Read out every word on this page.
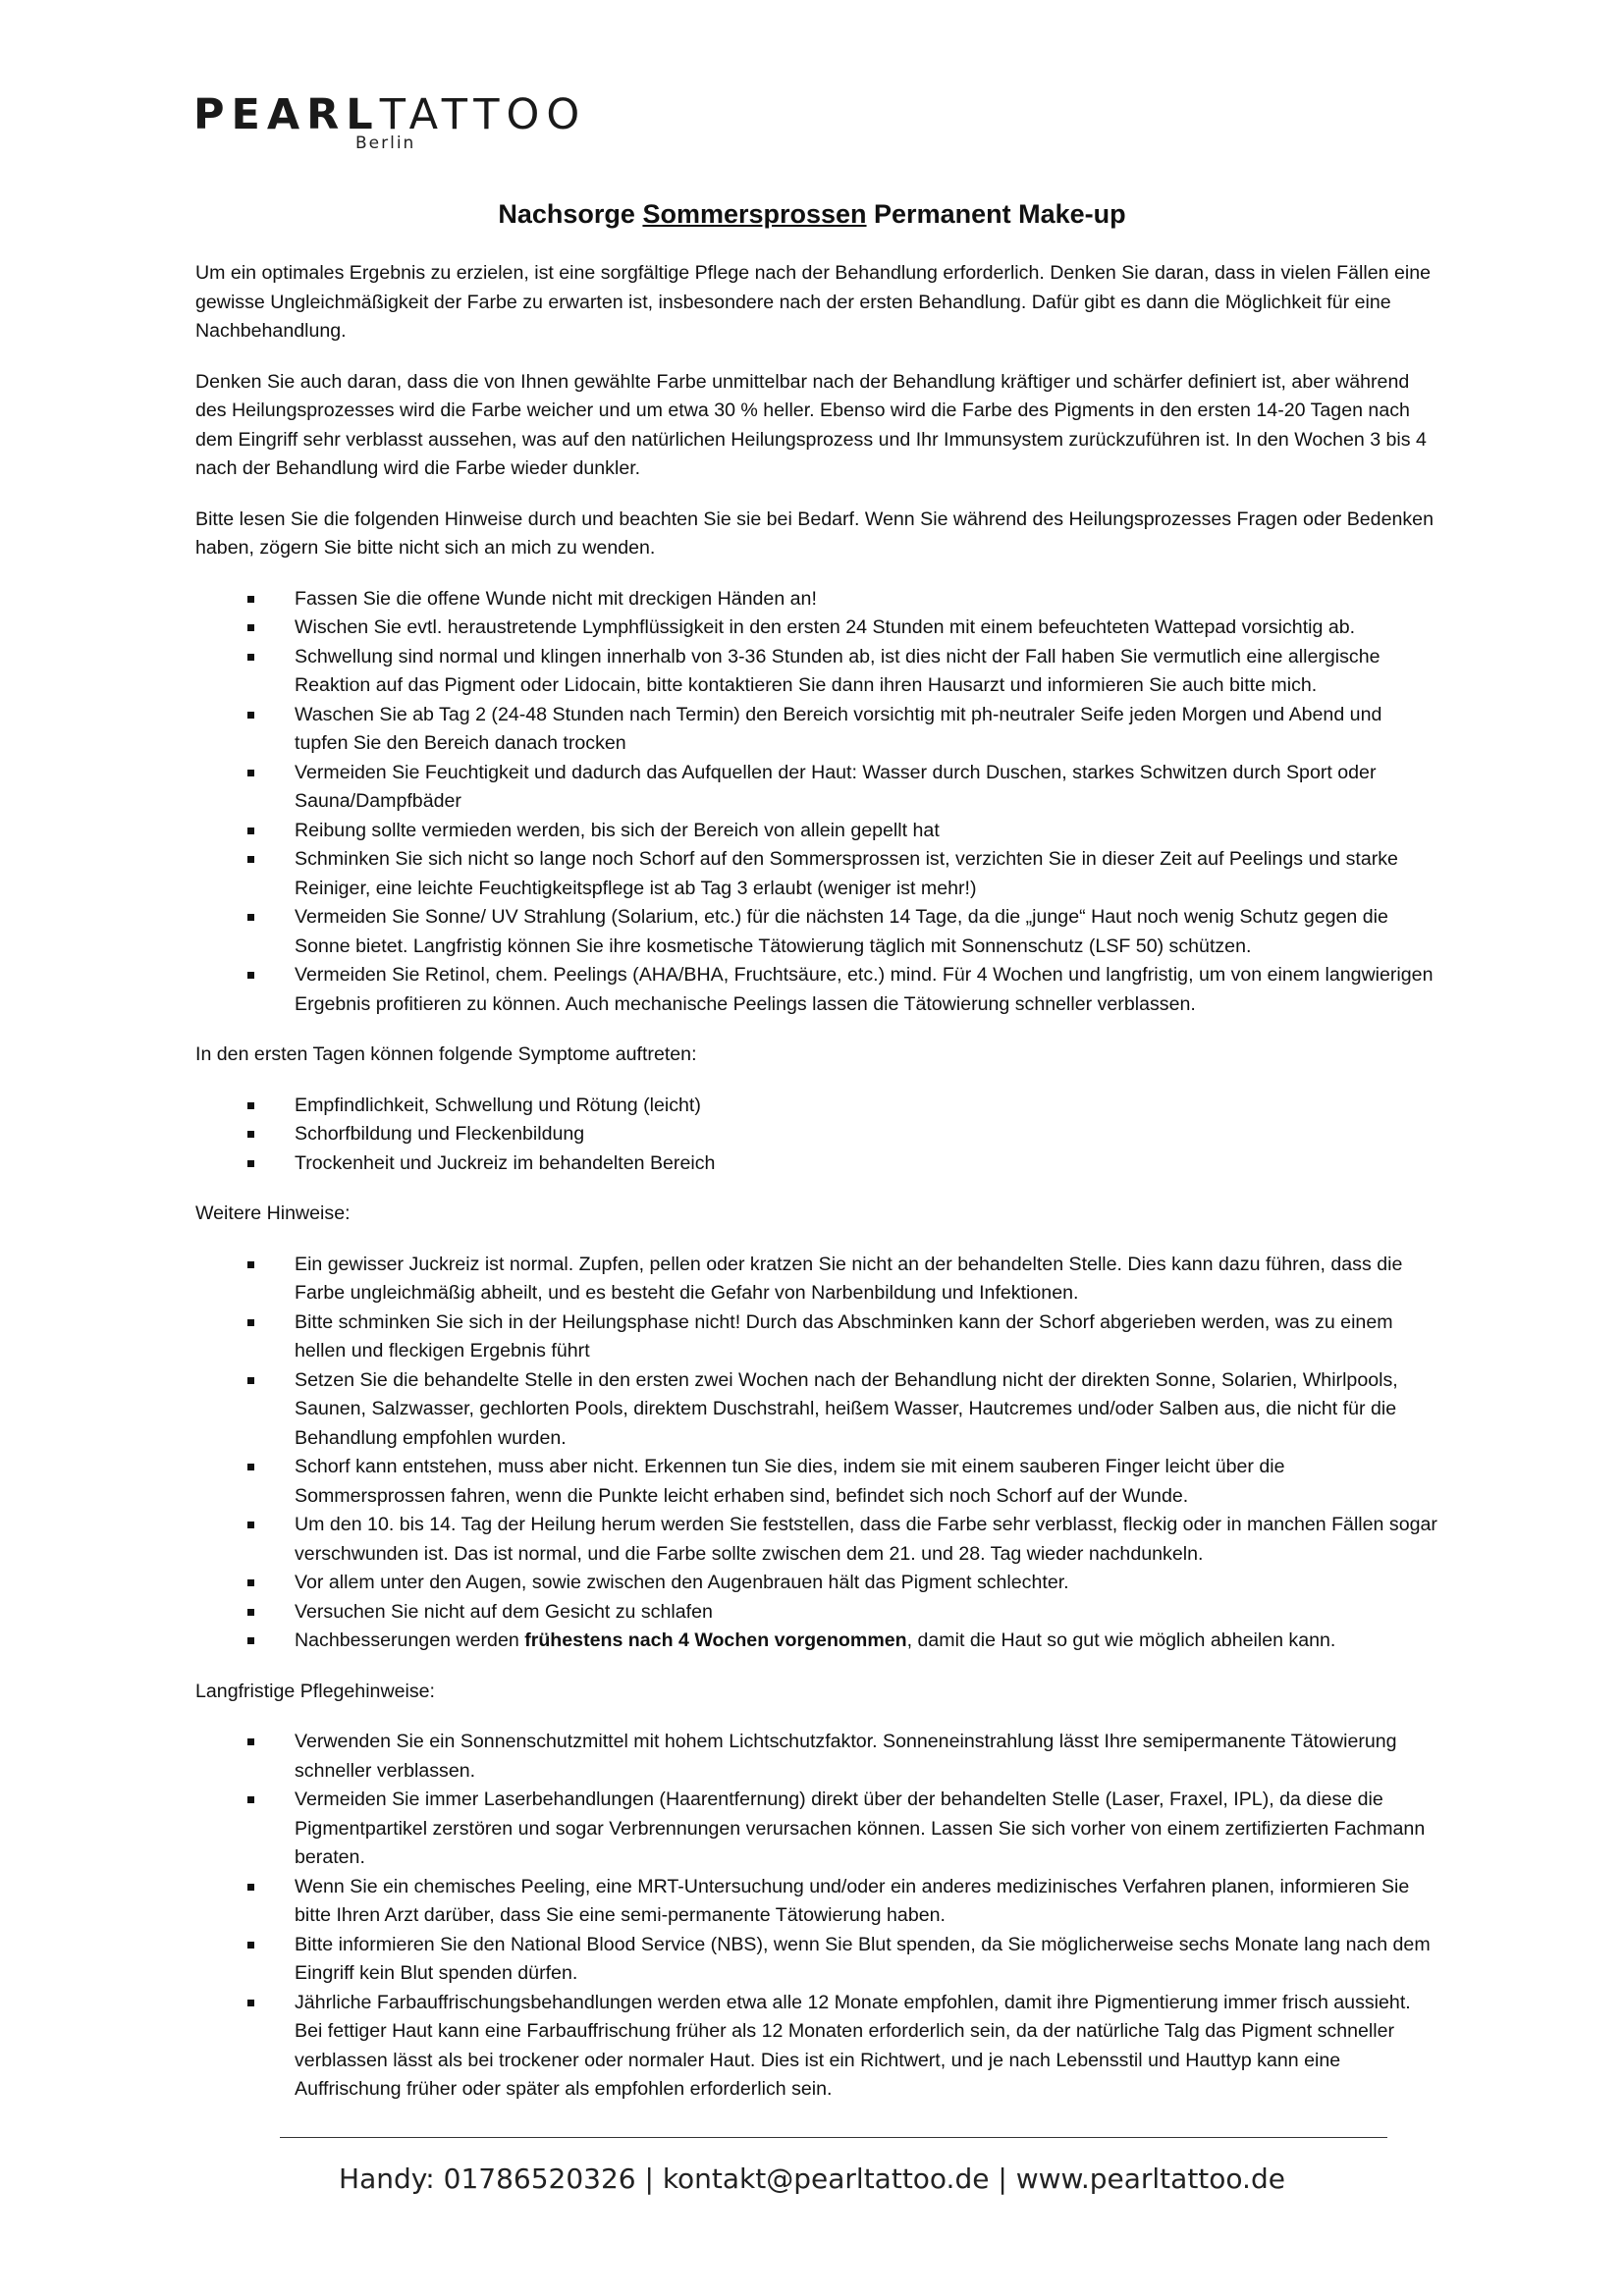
PEARLTATTOO
Berlin
Nachsorge Sommersprossen Permanent Make-up

Um ein optimales Ergebnis zu erzielen, ist eine sorgfältige Pflege nach der Behandlung erforderlich. Denken Sie daran, dass in vielen Fällen eine gewisse Ungleichmäßigkeit der Farbe zu erwarten ist, insbesondere nach der ersten Behandlung. Dafür gibt es dann die Möglichkeit für eine Nachbehandlung.

Denken Sie auch daran, dass die von Ihnen gewählte Farbe unmittelbar nach der Behandlung kräftiger und schärfer definiert ist, aber während des Heilungsprozesses wird die Farbe weicher und um etwa 30 % heller. Ebenso wird die Farbe des Pigments in den ersten 14-20 Tagen nach dem Eingriff sehr verblasst aussehen, was auf den natürlichen Heilungsprozess und Ihr Immunsystem zurückzuführen ist. In den Wochen 3 bis 4 nach der Behandlung wird die Farbe wieder dunkler.

Bitte lesen Sie die folgenden Hinweise durch und beachten Sie sie bei Bedarf. Wenn Sie während des Heilungsprozesses Fragen oder Bedenken haben, zögern Sie bitte nicht sich an mich zu wenden.

Fassen Sie die offene Wunde nicht mit dreckigen Händen an!
Wischen Sie evtl. heraustretende Lymphflüssigkeit in den ersten 24 Stunden mit einem befeuchteten Wattepad vorsichtig ab.
Schwellung sind normal und klingen innerhalb von 3-36 Stunden ab, ist dies nicht der Fall haben Sie vermutlich eine allergische Reaktion auf das Pigment oder Lidocain, bitte kontaktieren Sie dann ihren Hausarzt und informieren Sie auch bitte mich.
Waschen Sie ab Tag 2 (24-48 Stunden nach Termin) den Bereich vorsichtig mit ph-neutraler Seife jeden Morgen und Abend und tupfen Sie den Bereich danach trocken
Vermeiden Sie Feuchtigkeit und dadurch das Aufquellen der Haut: Wasser durch Duschen, starkes Schwitzen durch Sport oder Sauna/Dampfbäder
Reibung sollte vermieden werden, bis sich der Bereich von allein gepellt hat
Schminken Sie sich nicht so lange noch Schorf auf den Sommersprossen ist, verzichten Sie in dieser Zeit auf Peelings und starke Reiniger, eine leichte Feuchtigkeitspflege ist ab Tag 3 erlaubt (weniger ist mehr!)
Vermeiden Sie Sonne/ UV Strahlung (Solarium, etc.) für die nächsten 14 Tage, da die „junge“ Haut noch wenig Schutz gegen die Sonne bietet. Langfristig können Sie ihre kosmetische Tätowierung täglich mit Sonnenschutz (LSF 50) schützen.
Vermeiden Sie Retinol, chem. Peelings (AHA/BHA, Fruchtsäure, etc.) mind. Für 4 Wochen und langfristig, um von einem langwierigen Ergebnis profitieren zu können. Auch mechanische Peelings lassen die Tätowierung schneller verblassen.

In den ersten Tagen können folgende Symptome auftreten:

Empfindlichkeit, Schwellung und Rötung (leicht)
Schorfbildung und Fleckenbildung
Trockenheit und Juckreiz im behandelten Bereich

Weitere Hinweise:

Ein gewisser Juckreiz ist normal. Zupfen, pellen oder kratzen Sie nicht an der behandelten Stelle. Dies kann dazu führen, dass die Farbe ungleichmäßig abheilt, und es besteht die Gefahr von Narbenbildung und Infektionen.
Bitte schminken Sie sich in der Heilungsphase nicht! Durch das Abschminken kann der Schorf abgerieben werden, was zu einem hellen und fleckigen Ergebnis führt
Setzen Sie die behandelte Stelle in den ersten zwei Wochen nach der Behandlung nicht der direkten Sonne, Solarien, Whirlpools, Saunen, Salzwasser, gechlorten Pools, direktem Duschstrahl, heißem Wasser, Hautcremes und/oder Salben aus, die nicht für die Behandlung empfohlen wurden.
Schorf kann entstehen, muss aber nicht. Erkennen tun Sie dies, indem sie mit einem sauberen Finger leicht über die Sommersprossen fahren, wenn die Punkte leicht erhaben sind, befindet sich noch Schorf auf der Wunde.
Um den 10. bis 14. Tag der Heilung herum werden Sie feststellen, dass die Farbe sehr verblasst, fleckig oder in manchen Fällen sogar verschwunden ist. Das ist normal, und die Farbe sollte zwischen dem 21. und 28. Tag wieder nachdunkeln.
Vor allem unter den Augen, sowie zwischen den Augenbrauen hält das Pigment schlechter.
Versuchen Sie nicht auf dem Gesicht zu schlafen
Nachbesserungen werden frühestens nach 4 Wochen vorgenommen, damit die Haut so gut wie möglich abheilen kann.

Langfristige Pflegehinweise:

Verwenden Sie ein Sonnenschutzmittel mit hohem Lichtschutzfaktor. Sonneneinstrahlung lässt Ihre semipermanente Tätowierung schneller verblassen.
Vermeiden Sie immer Laserbehandlungen (Haarentfernung) direkt über der behandelten Stelle (Laser, Fraxel, IPL), da diese die Pigmentpartikel zerstören und sogar Verbrennungen verursachen können. Lassen Sie sich vorher von einem zertifizierten Fachmann beraten.
Wenn Sie ein chemisches Peeling, eine MRT-Untersuchung und/oder ein anderes medizinisches Verfahren planen, informieren Sie bitte Ihren Arzt darüber, dass Sie eine semi-permanente Tätowierung haben.
Bitte informieren Sie den National Blood Service (NBS), wenn Sie Blut spenden, da Sie möglicherweise sechs Monate lang nach dem Eingriff kein Blut spenden dürfen.
Jährliche Farbauffrischungsbehandlungen werden etwa alle 12 Monate empfohlen, damit ihre Pigmentierung immer frisch aussieht. Bei fettiger Haut kann eine Farbauffrischung früher als 12 Monaten erforderlich sein, da der natürliche Talg das Pigment schneller verblassen lässt als bei trockener oder normaler Haut. Dies ist ein Richtwert, und je nach Lebensstil und Hauttyp kann eine Auffrischung früher oder später als empfohlen erforderlich sein.
Handy: 01786520326 | kontakt@pearltattoo.de | www.pearltattoo.de
